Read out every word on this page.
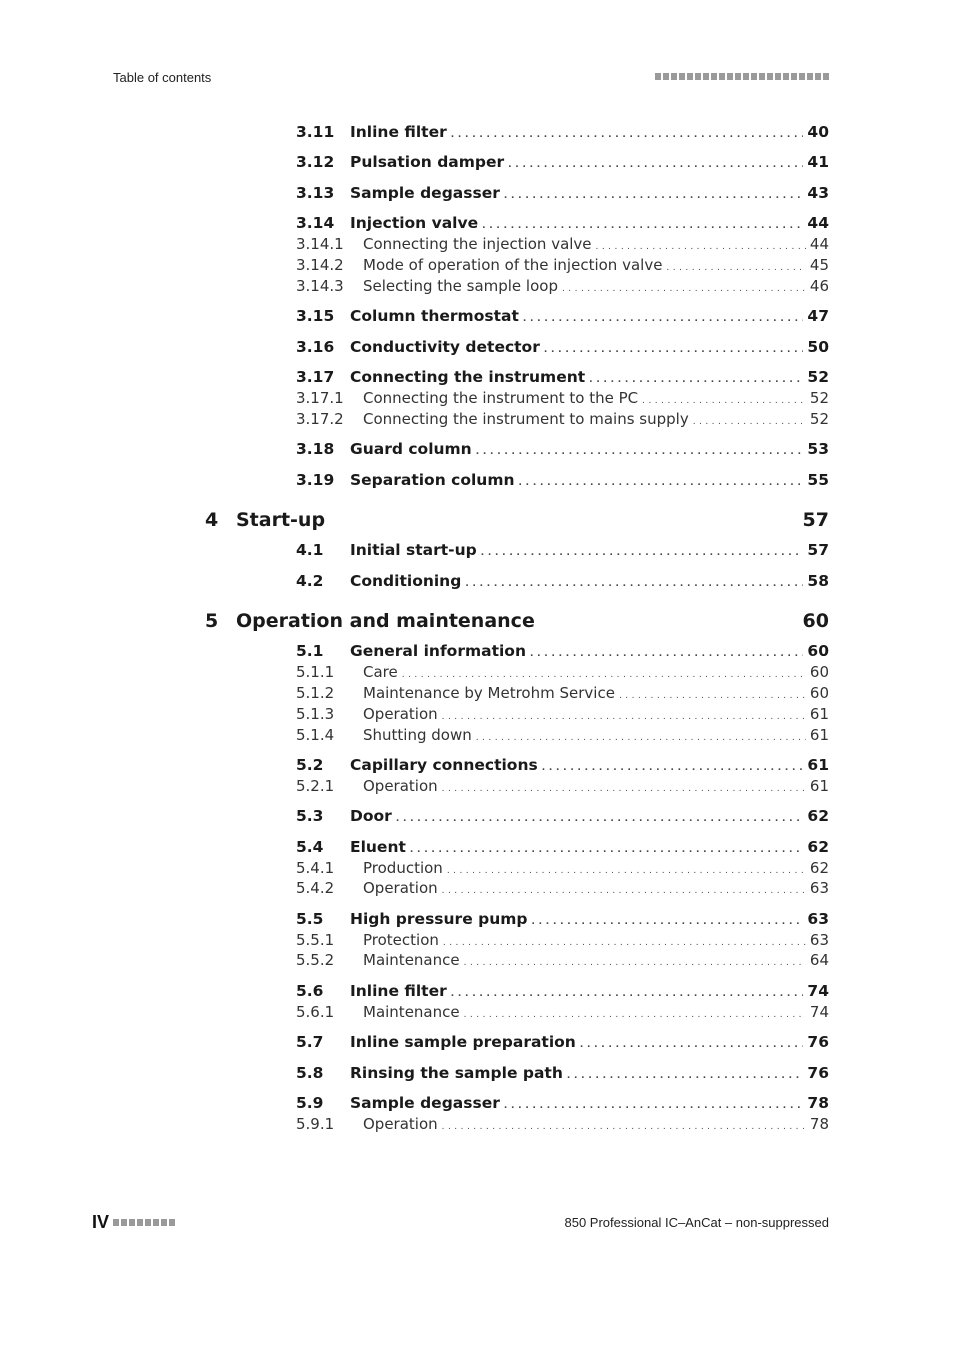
Table of contents
3.11	Inline filter . . .	40
3.12	Pulsation damper . . .	41
3.13	Sample degasser . . .	43
3.14	Injection valve . . .	44
3.14.1	Connecting the injection valve . . .	44
3.14.2	Mode of operation of the injection valve . . .	45
3.14.3	Selecting the sample loop . . .	46
3.15	Column thermostat . . .	47
3.16	Conductivity detector . . .	50
3.17	Connecting the instrument . . .	52
3.17.1	Connecting the instrument to the PC . . .	52
3.17.2	Connecting the instrument to mains supply . . .	52
3.18	Guard column . . .	53
3.19	Separation column . . .	55
4 Start-up	57
4.1	Initial start-up . . .	57
4.2	Conditioning . . .	58
5 Operation and maintenance	60
5.1	General information . . .	60
5.1.1	Care . . .	60
5.1.2	Maintenance by Metrohm Service . . .	60
5.1.3	Operation . . .	61
5.1.4	Shutting down . . .	61
5.2	Capillary connections . . .	61
5.2.1	Operation . . .	61
5.3	Door . . .	62
5.4	Eluent . . .	62
5.4.1	Production . . .	62
5.4.2	Operation . . .	63
5.5	High pressure pump . . .	63
5.5.1	Protection . . .	63
5.5.2	Maintenance . . .	64
5.6	Inline filter . . .	74
5.6.1	Maintenance . . .	74
5.7	Inline sample preparation . . .	76
5.8	Rinsing the sample path . . .	76
5.9	Sample degasser . . .	78
5.9.1	Operation . . .	78
IV	850 Professional IC–AnCat – non-suppressed
